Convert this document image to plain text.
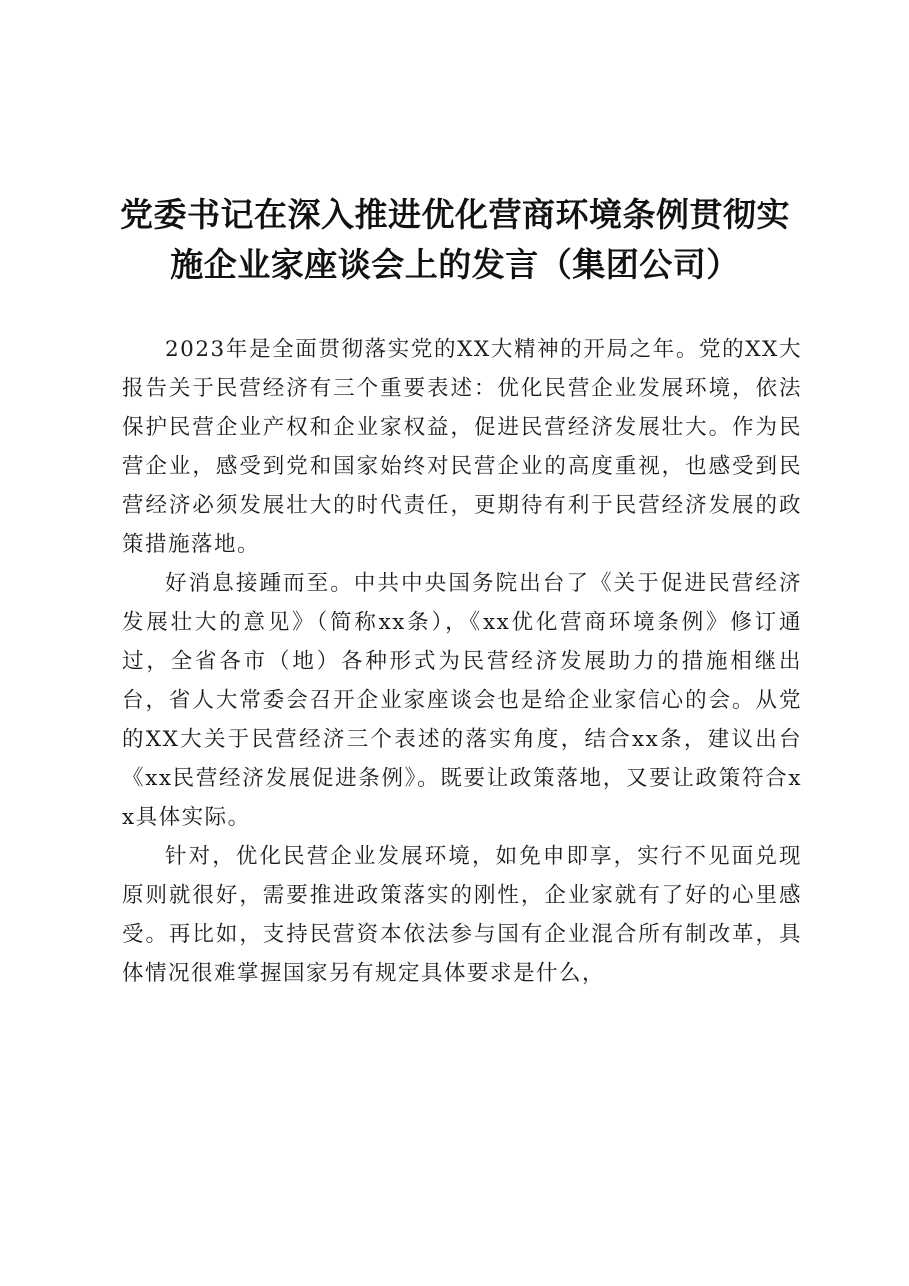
党委书记在深入推进优化营商环境条例贯彻实
施企业家座谈会上的发言（集团公司）

2023年是全面贯彻落实党的XX大精神的开局之年。党的XX大报告关于民营经济有三个重要表述：优化民营企业发展环境，依法保护民营企业产权和企业家权益，促进民营经济发展壮大。作为民营企业，感受到党和国家始终对民营企业的高度重视，也感受到民营经济必须发展壮大的时代责任，更期待有利于民营经济发展的政策措施落地。

好消息接踵而至。中共中央国务院出台了《关于促进民营经济发展壮大的意见》（简称xx条），《xx优化营商环境条例》修订通过，全省各市（地）各种形式为民营经济发展助力的措施相继出台，省人大常委会召开企业家座谈会也是给企业家信心的会。从党的XX大关于民营经济三个表述的落实角度，结合xx条，建议出台《xx民营经济发展促进条例》。既要让政策落地，又要让政策符合xx具体实际。

针对，优化民营企业发展环境，如免申即享，实行不见面兑现原则就很好，需要推进政策落实的刚性，企业家就有了好的心里感受。再比如，支持民营资本依法参与国有企业混合所有制改革，具体情况很难掌握国家另有规定具体要求是什么，
